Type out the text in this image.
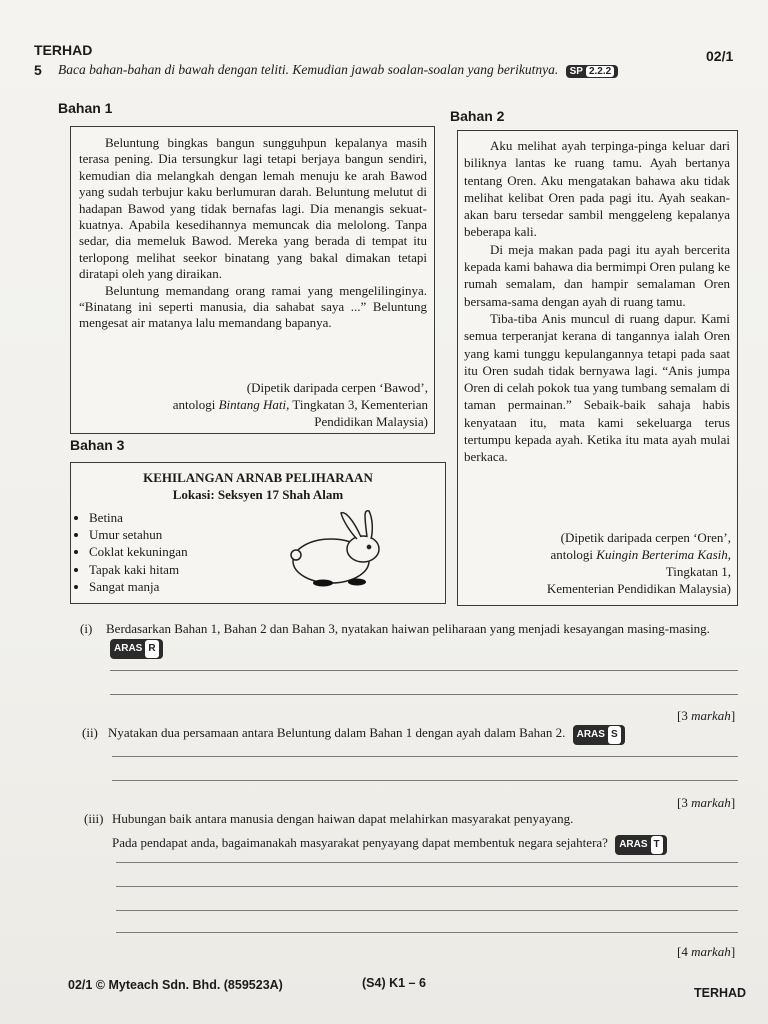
TERHAD	02/1
5 Baca bahan-bahan di bawah dengan teliti. Kemudian jawab soalan-soalan yang berikutnya. SP 2.2.2
Bahan 1

Beluntung bingkas bangun sungguhpun kepalanya masih terasa pening. Dia tersungkur lagi tetapi berjaya bangun sendiri, kemudian dia melangkah dengan lemah menuju ke arah Bawod yang sudah terbujur kaku berlumuran darah. Beluntung melutut di hadapan Bawod yang tidak bernafas lagi. Dia menangis sekuat-kuatnya. Apabila kesedihannya memuncak dia melolong. Tanpa sedar, dia memeluk Bawod. Mereka yang berada di tempat itu terlopong melihat seekor binatang yang bakal dimakan tetapi diratapi oleh yang diraikan.

Beluntung memandang orang ramai yang mengelilinginya. “Binatang ini seperti manusia, dia sahabat saya ...” Beluntung mengesat air matanya lalu memandang bapanya.

(Dipetik daripada cerpen ‘Bawod’,
antologi Bintang Hati, Tingkatan 3, Kementerian
Pendidikan Malaysia)
Bahan 2

Aku melihat ayah terpinga-pinga keluar dari biliknya lantas ke ruang tamu. Ayah bertanya tentang Oren. Aku mengatakan bahawa aku tidak melihat kelibat Oren pada pagi itu. Ayah seakan-akan baru tersedar sambil menggeleng kepalanya beberapa kali.

Di meja makan pada pagi itu ayah bercerita kepada kami bahawa dia bermimpi Oren pulang ke rumah semalam, dan hampir semalaman Oren bersama-sama dengan ayah di ruang tamu.

Tiba-tiba Anis muncul di ruang dapur. Kami semua terperanjat kerana di tangannya ialah Oren yang kami tunggu kepulangannya tetapi pada saat itu Oren sudah tidak bernyawa lagi. “Anis jumpa Oren di celah pokok tua yang tumbang semalam di taman permainan.” Sebaik-baik sahaja habis kenyataan itu, mata kami sekeluarga terus tertumpu kepada ayah. Ketika itu mata ayah mulai berkaca.

(Dipetik daripada cerpen ‘Oren’,
antologi Kuingin Berterima Kasih,
Tingkatan 1,
Kementerian Pendidikan Malaysia)
Bahan 3
KEHILANGAN ARNAB PELIHARAAN
Lokasi: Seksyen 17 Shah Alam
• Betina
• Umur setahun
• Coklat kekuningan
• Tapak kaki hitam
• Sangat manja
(i) Berdasarkan Bahan 1, Bahan 2 dan Bahan 3, nyatakan haiwan peliharaan yang menjadi kesayangan masing-masing. ARAS R
[3 markah]
(ii) Nyatakan dua persamaan antara Beluntung dalam Bahan 1 dengan ayah dalam Bahan 2. ARAS S
[3 markah]
(iii) Hubungan baik antara manusia dengan haiwan dapat melahirkan masyarakat penyayang.
Pada pendapat anda, bagaimanakah masyarakat penyayang dapat membentuk negara sejahtera? ARAS T
[4 markah]
02/1 © Myteach Sdn. Bhd. (859523A)	(S4) K1 – 6
TERHAD
